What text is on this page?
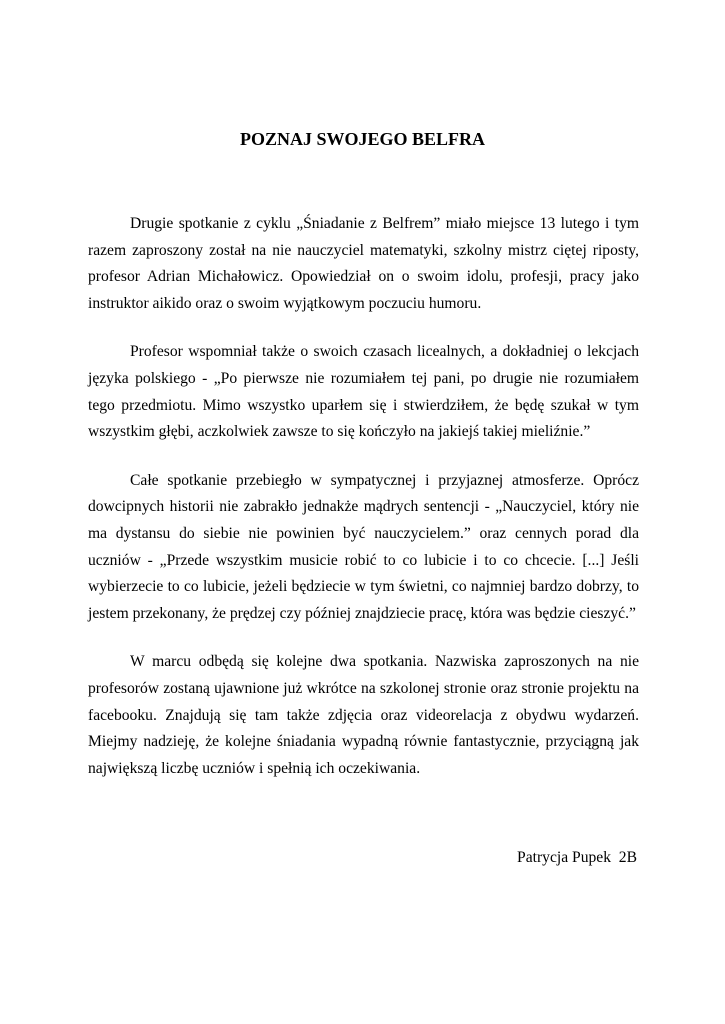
POZNAJ SWOJEGO BELFRA

Drugie spotkanie z cyklu „Śniadanie z Belfrem” miało miejsce 13 lutego i tym razem zaproszony został na nie nauczyciel matematyki, szkolny mistrz ciętej riposty, profesor Adrian Michałowicz. Opowiedział on o swoim idolu, profesji, pracy jako instruktor aikido oraz o swoim wyjątkowym poczuciu humoru.

Profesor wspomniał także o swoich czasach licealnych, a dokładniej o lekcjach języka polskiego - „Po pierwsze nie rozumiałem tej pani, po drugie nie rozumiałem tego przedmiotu. Mimo wszystko uparłem się i stwierdziłem, że będę szukał w tym wszystkim głębi, aczkolwiek zawsze to się kończyło na jakiejś takiej mieliźnie.”

Całe spotkanie przebiegło w sympatycznej i przyjaznej atmosferze. Oprócz dowcipnych historii nie zabrakło jednakże mądrych sentencji - „Nauczyciel, który nie ma dystansu do siebie nie powinien być nauczycielem.” oraz cennych porad dla uczniów - „Przede wszystkim musicie robić to co lubicie i to co chcecie. [...] Jeśli wybierzecie to co lubicie, jeżeli będziecie w tym świetni, co najmniej bardzo dobrzy, to jestem przekonany, że prędzej czy później znajdziecie pracę, która was będzie cieszyć.”

W marcu odbędą się kolejne dwa spotkania. Nazwiska zaproszonych na nie profesorów zostaną ujawnione już wkrótce na szkolonej stronie oraz stronie projektu na facebooku. Znajdują się tam także zdjęcia oraz videorelacja z obydwu wydarzeń. Miejmy nadzieję, że kolejne śniadania wypadną równie fantastycznie, przyciągną jak największą liczbę uczniów i spełnią ich oczekiwania.

Patrycja Pupek  2B
